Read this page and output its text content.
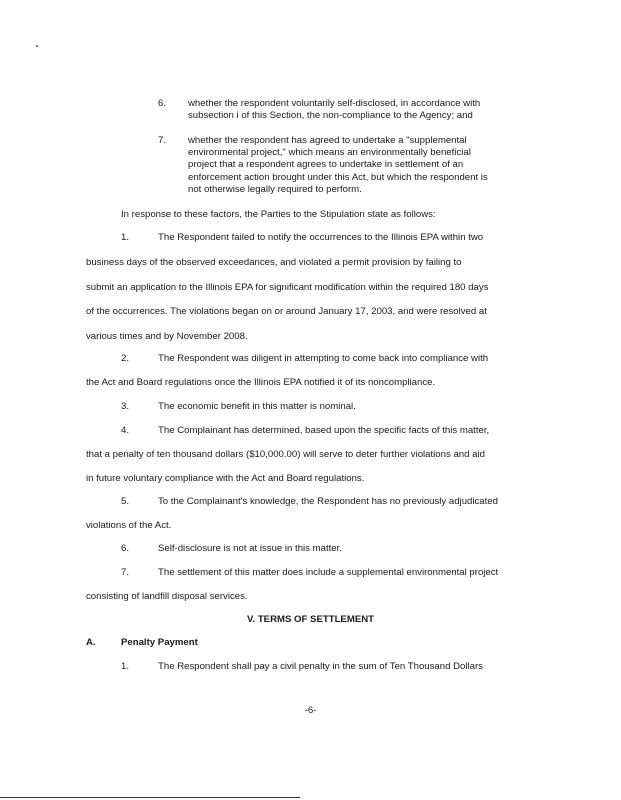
6. whether the respondent voluntarily self-disclosed, in accordance with
subsection i of this Section, the non-compliance to the Agency; and
7. whether the respondent has agreed to undertake a "supplemental
environmental project," which means an environmentally beneficial
project that a respondent agrees to undertake in settlement of an
enforcement action brought under this Act, but which the respondent is
not otherwise legally required to perform.
In response to these factors, the Parties to the Stipulation state as follows:
1.	The Respondent failed to notify the occurrences to the Illinois EPA within two
business days of the observed exceedances, and violated a permit provision by failing to
submit an application to the Illinois EPA for significant modification within the required 180 days
of the occurrences. The violations began on or around January 17, 2003, and were resolved at
various times and by November 2008.
2.	The Respondent was diligent in attempting to come back into compliance with
the Act and Board regulations once the Illinois EPA notified it of its noncompliance.
3.	The economic benefit in this matter is nominal.
4.	The Complainant has determined, based upon the specific facts of this matter,
that a penalty of ten thousand dollars ($10,000.00) will serve to deter further violations and aid
in future voluntary compliance with the Act and Board regulations.
5.	To the Complainant's knowledge, the Respondent has no previously adjudicated
violations of the Act.
6.	Self-disclosure is not at issue in this matter.
7.	The settlement of this matter does include a supplemental environmental project
consisting of landfill disposal services.
V. TERMS OF SETTLEMENT
A.	Penalty Payment
1.	The Respondent shall pay a civil penalty in the sum of Ten Thousand Dollars
-6-
